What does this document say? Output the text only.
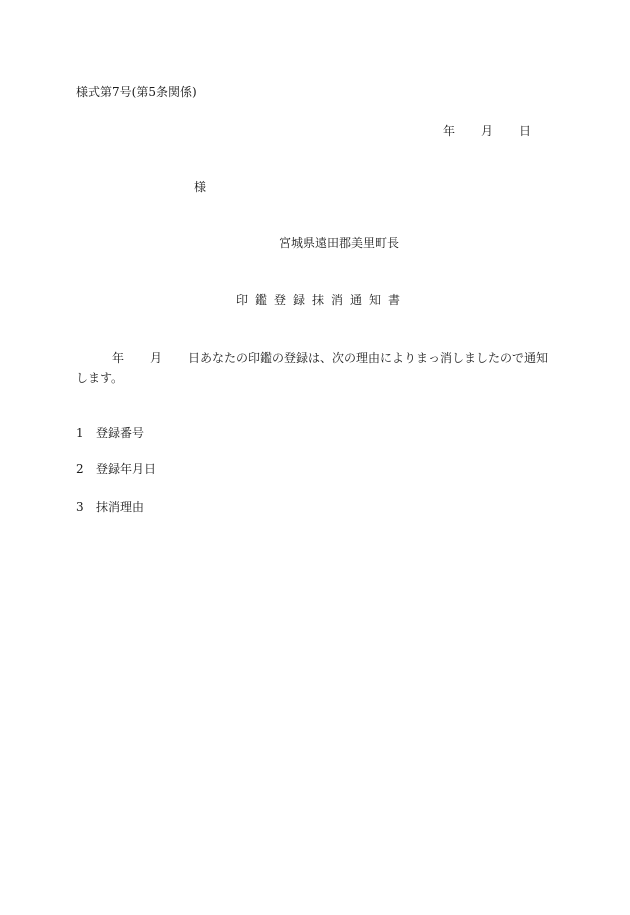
様式第7号(第5条関係)
年 月 日
様
宮城県遠田郡美里町長
印鑑登録抹消通知書
年 月 日あなたの印鑑の登録は、次の理由によりまっ消しましたので通知します。
1 登録番号
2 登録年月日
3 抹消理由
